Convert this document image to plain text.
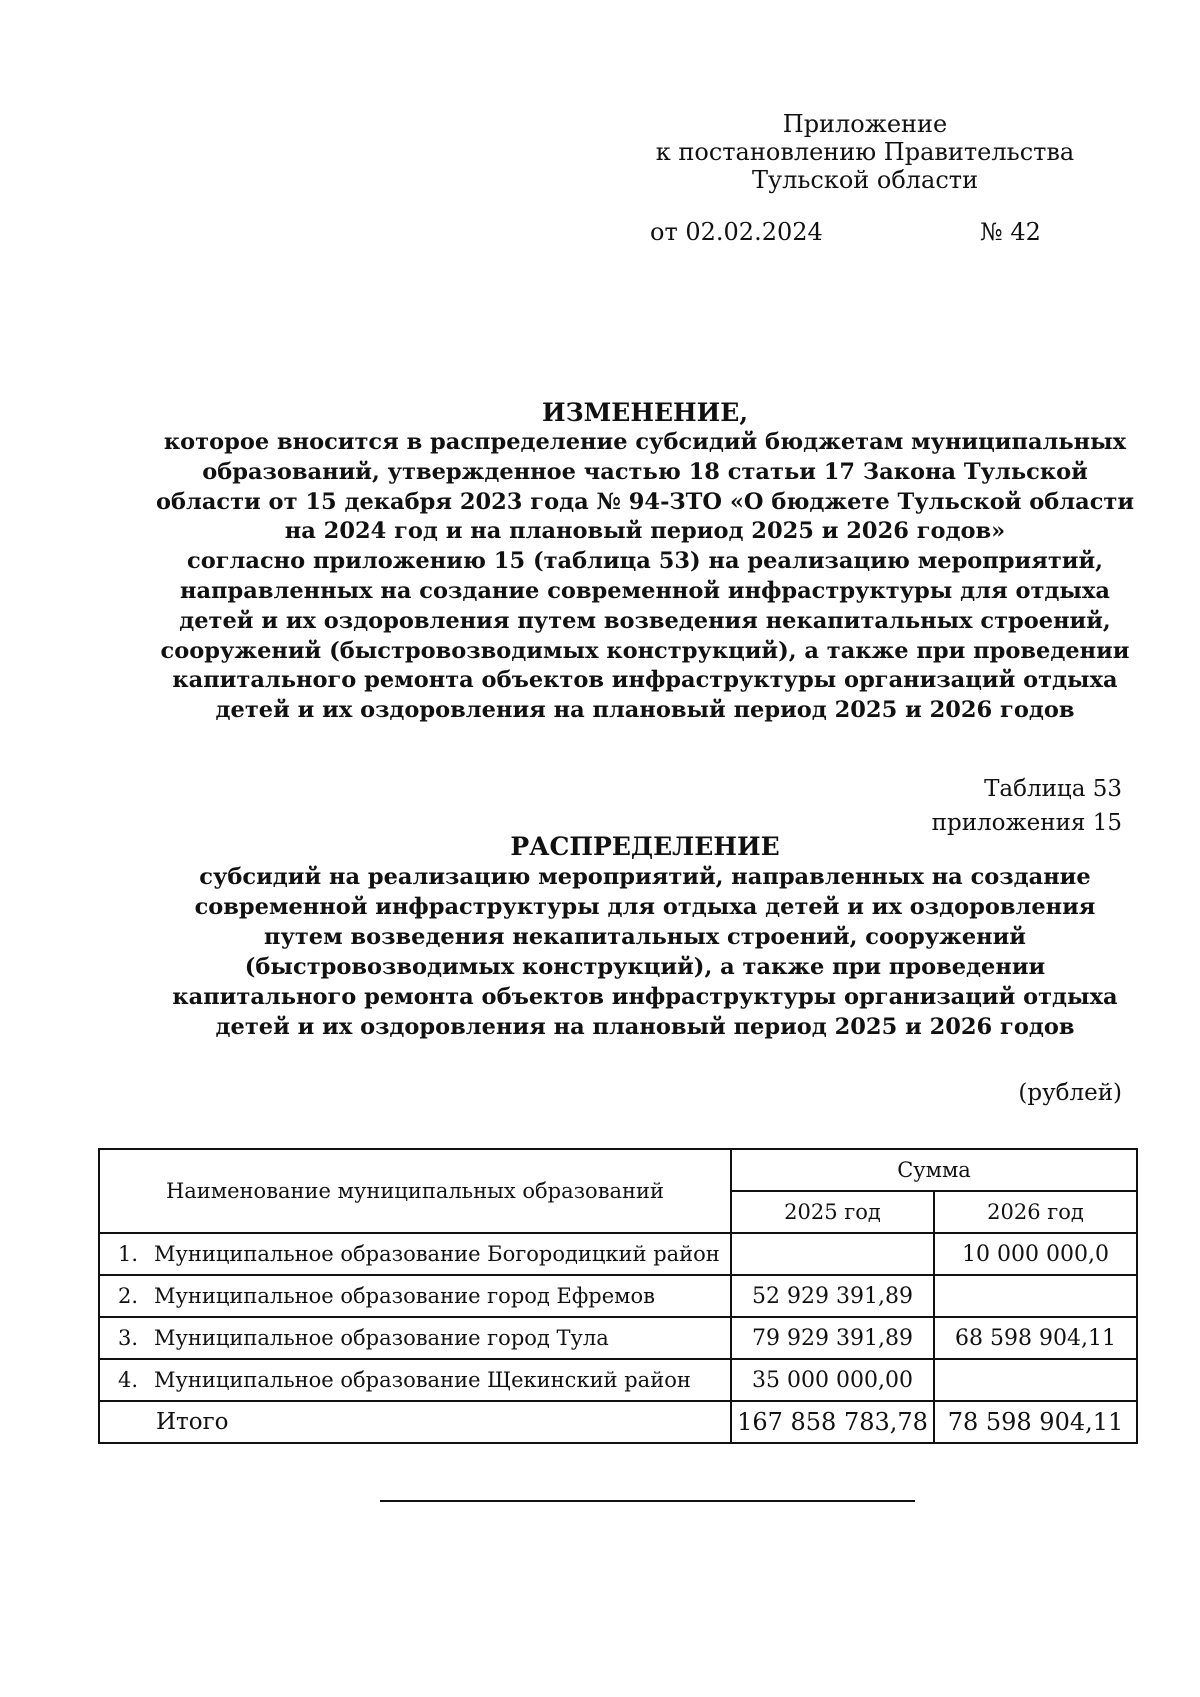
Приложение
к постановлению Правительства
Тульской области
от 02.02.2024	№ 42
ИЗМЕНЕНИЕ,
которое вносится в распределение субсидий бюджетам муниципальных
образований, утвержденное частью 18 статьи 17 Закона Тульской
области от 15 декабря 2023 года № 94-ЗТО «О бюджете Тульской области
на 2024 год и на плановый период 2025 и 2026 годов»
согласно приложению 15 (таблица 53) на реализацию мероприятий,
направленных на создание современной инфраструктуры для отдыха
детей и их оздоровления путем возведения некапитальных строений,
сооружений (быстровозводимых конструкций), а также при проведении
капитального ремонта объектов инфраструктуры организаций отдыха
детей и их оздоровления на плановый период 2025 и 2026 годов
Таблица 53
приложения 15
РАСПРЕДЕЛЕНИЕ
субсидий на реализацию мероприятий, направленных на создание
современной инфраструктуры для отдыха детей и их оздоровления
путем возведения некапитальных строений, сооружений
(быстровозводимых конструкций), а также при проведении
капитального ремонта объектов инфраструктуры организаций отдыха
детей и их оздоровления на плановый период 2025 и 2026 годов
(рублей)
Наименование муниципальных образований	Сумма	
	2025 год	2026 год
1. Муниципальное образование Богородицкий район		10 000 000,0
2. Муниципальное образование город Ефремов	52 929 391,89	
3. Муниципальное образование город Тула	79 929 391,89	68 598 904,11
4. Муниципальное образование Щекинский район	35 000 000,00	
Итого	167 858 783,78	78 598 904,11
